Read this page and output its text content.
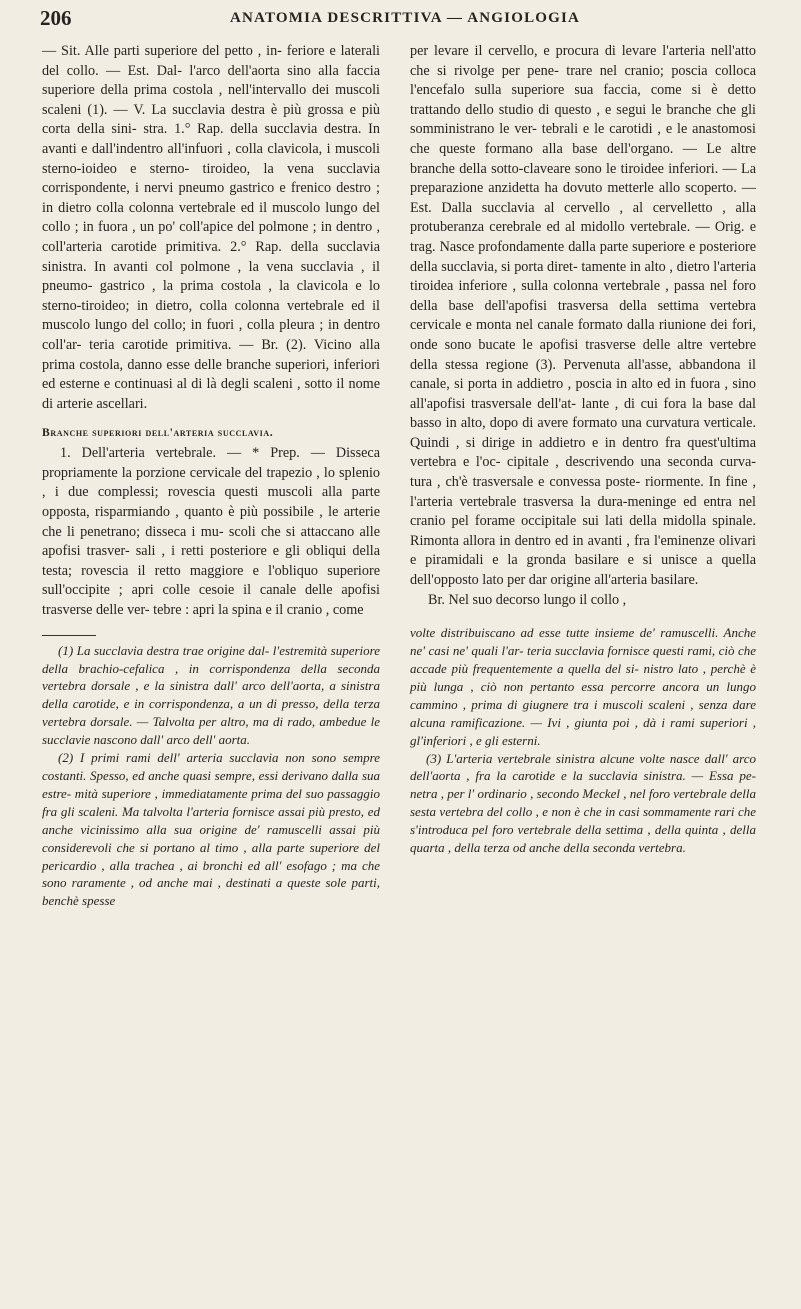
206	ANATOMIA DESCRITTIVA — ANGIOLOGIA

— Sit. Alle parti superiore del petto , in- feriore e laterali del collo. — Est. Dal- l'arco dell'aorta sino alla faccia superiore della prima costola , nell'intervallo dei muscoli scaleni (1). — V. La succlavia destra è più grossa e più corta della sini- stra. 1.° Rap. della succlavia destra. In avanti e dall'indentro all'infuori , colla clavicola, i muscoli sterno-ioideo e sterno- tiroideo, la vena succlavia corrispondente, i nervi pneumo gastrico e frenico destro ; in dietro colla colonna vertebrale ed il muscolo lungo del collo ; in fuora , un po' coll'apice del polmone ; in dentro , coll'arteria carotide primitiva. 2.° Rap. della succlavia sinistra. In avanti col polmone , la vena succlavia , il pneumo- gastrico , la prima costola , la clavicola e lo sterno-tiroideo; in dietro, colla colonna vertebrale ed il muscolo lungo del collo; in fuori , colla pleura ; in dentro coll'ar- teria carotide primitiva. — Br. (2). Vicino alla prima costola, danno esse delle branche superiori, inferiori ed esterne e continuasi al di là degli scaleni , sotto il nome di arterie ascellari.

Branche superiori dell'arteria succlavia.

1. Dell'arteria vertebrale. — * Prep. — Disseca propriamente la porzione cervicale del trapezio , lo splenio , i due complessi; rovescia questi muscoli alla parte opposta, risparmiando , quanto è più possibile , le arterie che li penetrano; disseca i mu- scoli che si attaccano alle apofisi trasver- sali , i retti posteriore e gli obliqui della testa; rovescia il retto maggiore e l'obliquo superiore sull'occipite ; apri colle cesoie il canale delle apofisi trasverse delle ver- tebre : apri la spina e il cranio , come

(1) La succlavia destra trae origine dal- l'estremità superiore della brachio-cefalica , in corrispondenza della seconda vertebra dorsale , e la sinistra dall' arco dell'aorta, a sinistra della carotide, e in corrispondenza, a un di presso, della terza vertebra dorsale. — Talvolta per altro, ma di rado, ambedue le succlavie nascono dall' arco dell' aorta.

(2) I primi rami dell' arteria succlavia non sono sempre costanti. Spesso, ed anche quasi sempre, essi derivano dalla sua estre- mità superiore , immediatamente prima del suo passaggio fra gli scaleni. Ma talvolta l'arteria fornisce assai più presto, ed anche vicinissimo alla sua origine de' ramuscelli assai più considerevoli che si portano al timo , alla parte superiore del pericardio , alla trachea , ai bronchi ed all' esofago ; ma che sono raramente , od anche mai , destinati a queste sole parti, benchè spesse

per levare il cervello, e procura di levare l'arteria nell'atto che si rivolge per pene- trare nel cranio; poscia colloca l'encefalo sulla superiore sua faccia, come si è detto trattando dello studio di questo , e segui le branche che gli somministrano le ver- tebrali e le carotidi , e le anastomosi che queste formano alla base dell'organo. — Le altre branche della sotto-claveare sono le tiroidee inferiori. — La preparazione anzidetta ha dovuto metterle allo scoperto. — Est. Dalla succlavia al cervello , al cervelletto , alla protuberanza cerebrale ed al midollo vertebrale. — Orig. e trag. Nasce profondamente dalla parte superiore e posteriore della succlavia, si porta diret- tamente in alto , dietro l'arteria tiroidea inferiore , sulla colonna vertebrale , passa nel foro della base dell'apofisi trasversa della settima vertebra cervicale e monta nel canale formato dalla riunione dei fori, onde sono bucate le apofisi trasverse delle altre vertebre della stessa regione (3). Pervenuta all'asse, abbandona il canale, si porta in addietro , poscia in alto ed in fuora , sino all'apofisi trasversale dell'at- lante , di cui fora la base dal basso in alto, dopo di avere formato una curvatura verticale. Quindi , si dirige in addietro e in dentro fra quest'ultima vertebra e l'oc- cipitale , descrivendo una seconda curva- tura , ch'è trasversale e convessa poste- riormente. In fine , l'arteria vertebrale trasversa la dura-meninge ed entra nel cranio pel forame occipitale sui lati della midolla spinale. Rimonta allora in dentro ed in avanti , fra l'eminenze olivari e piramidali e la gronda basilare e si unisce a quella dell'opposto lato per dar origine all'arteria basilare.

Br. Nel suo decorso lungo il collo ,

volte distribuiscano ad esse tutte insieme de' ramuscelli. Anche ne' casi ne' quali l'ar- teria succlavia fornisce questi rami, ciò che accade più frequentemente a quella del si- nistro lato , perchè è più lunga , ciò non pertanto essa percorre ancora un lungo cammino , prima di giugnere tra i muscoli scaleni , senza dare alcuna ramificazione. — Ivi , giunta poi , dà i rami superiori , gl'inferiori , e gli esterni.

(3) L'arteria vertebrale sinistra alcune volte nasce dall' arco dell'aorta , fra la carotide e la succlavia sinistra. — Essa pe- netra , per l' ordinario , secondo Meckel , nel foro vertebrale della sesta vertebra del collo , e non è che in casi sommamente rari che s'introduca pel foro vertebrale della settima , della quinta , della quarta , della terza od anche della seconda vertebra.
